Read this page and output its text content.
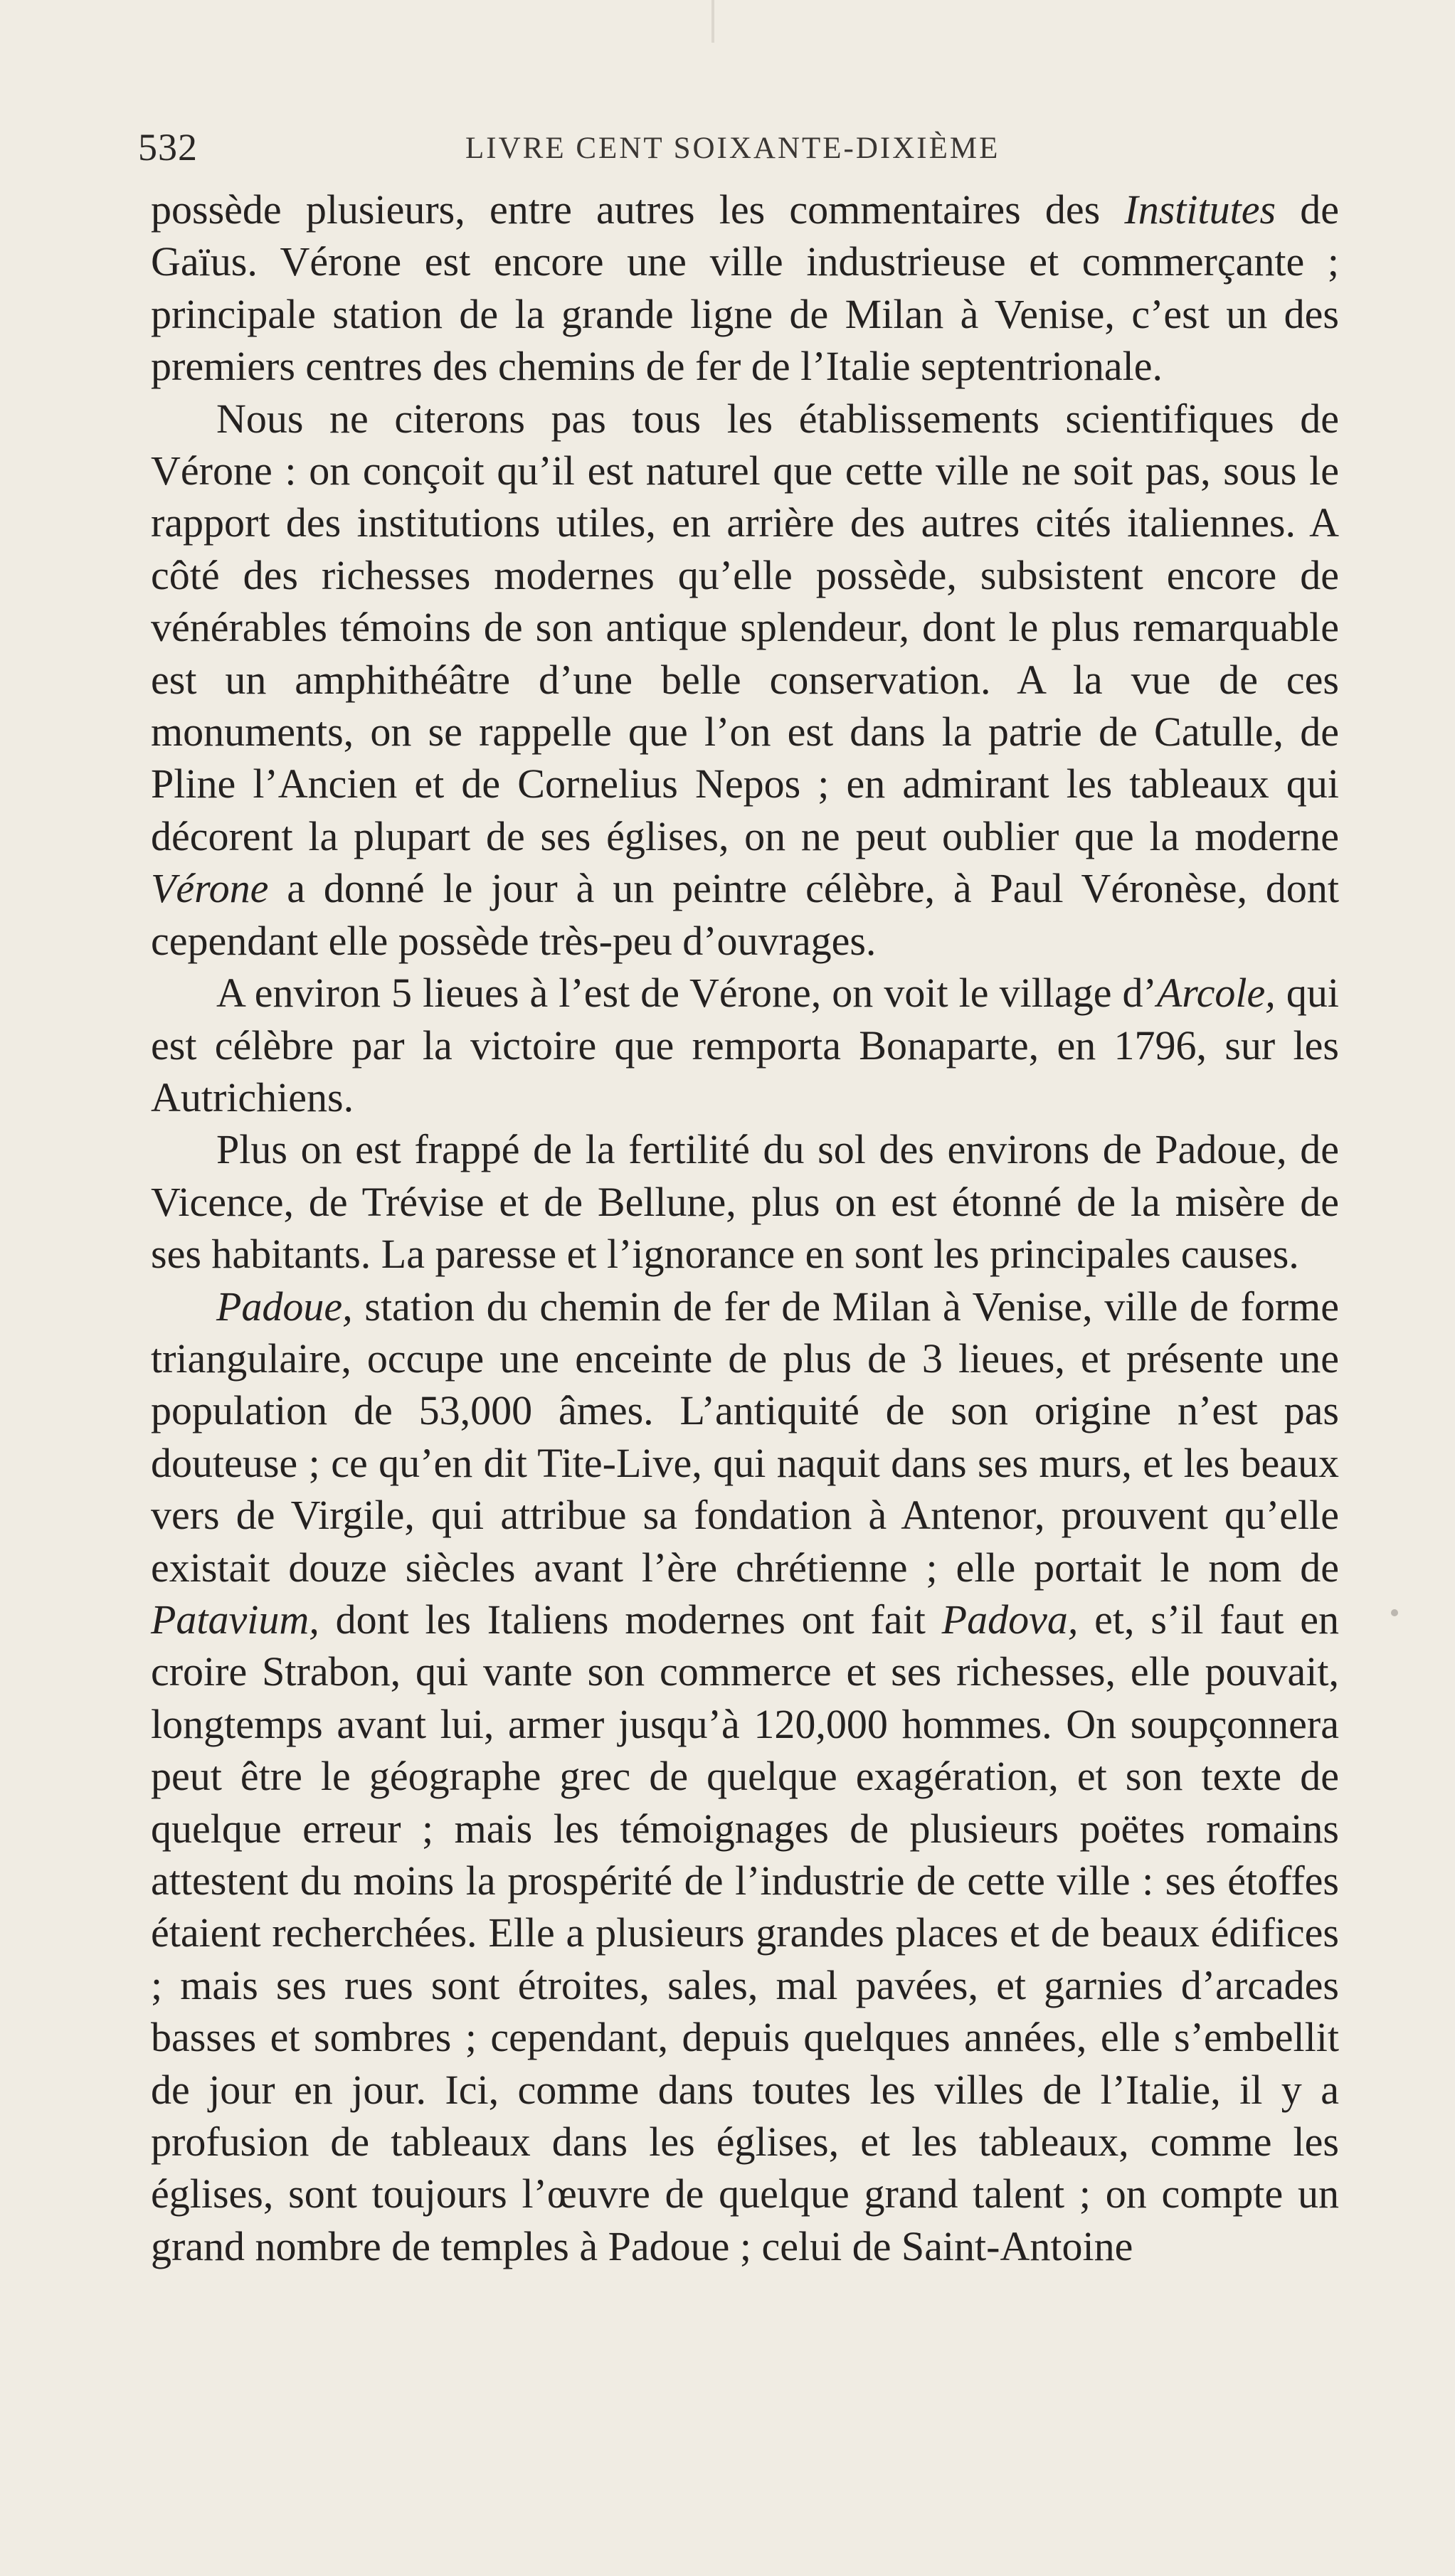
532	LIVRE CENT SOIXANTE-DIXIÈME

possède plusieurs, entre autres les commentaires des Institutes de Gaïus. Vérone est encore une ville industrieuse et commerçante ; principale station de la grande ligne de Milan à Venise, c’est un des premiers centres des chemins de fer de l’Italie septentrionale.

Nous ne citerons pas tous les établissements scientifiques de Vérone : on conçoit qu’il est naturel que cette ville ne soit pas, sous le rapport des institutions utiles, en arrière des autres cités italiennes. A côté des richesses modernes qu’elle possède, subsistent encore de vénérables témoins de son antique splendeur, dont le plus remarquable est un amphithéâtre d’une belle conservation. A la vue de ces monuments, on se rappelle que l’on est dans la patrie de Catulle, de Pline l’Ancien et de Cornelius Nepos ; en admirant les tableaux qui décorent la plupart de ses églises, on ne peut oublier que la moderne Vérone a donné le jour à un peintre célèbre, à Paul Véronèse, dont cependant elle possède très-peu d’ouvrages.

A environ 5 lieues à l’est de Vérone, on voit le village d’Arcole, qui est célèbre par la victoire que remporta Bonaparte, en 1796, sur les Autrichiens.

Plus on est frappé de la fertilité du sol des environs de Padoue, de Vicence, de Trévise et de Bellune, plus on est étonné de la misère de ses habitants. La paresse et l’ignorance en sont les principales causes.

Padoue, station du chemin de fer de Milan à Venise, ville de forme triangulaire, occupe une enceinte de plus de 3 lieues, et présente une population de 53,000 âmes. L’antiquité de son origine n’est pas douteuse ; ce qu’en dit Tite-Live, qui naquit dans ses murs, et les beaux vers de Virgile, qui attribue sa fondation à Antenor, prouvent qu’elle existait douze siècles avant l’ère chrétienne ; elle portait le nom de Patavium, dont les Italiens modernes ont fait Padova, et, s’il faut en croire Strabon, qui vante son commerce et ses richesses, elle pouvait, longtemps avant lui, armer jusqu’à 120,000 hommes. On soupçonnera peut être le géographe grec de quelque exagération, et son texte de quelque erreur ; mais les témoignages de plusieurs poëtes romains attestent du moins la prospérité de l’industrie de cette ville : ses étoffes étaient recherchées. Elle a plusieurs grandes places et de beaux édifices ; mais ses rues sont étroites, sales, mal pavées, et garnies d’arcades basses et sombres ; cependant, depuis quelques années, elle s’embellit de jour en jour. Ici, comme dans toutes les villes de l’Italie, il y a profusion de tableaux dans les églises, et les tableaux, comme les églises, sont toujours l’œuvre de quelque grand talent ; on compte un grand nombre de temples à Padoue ; celui de Saint-Antoine
